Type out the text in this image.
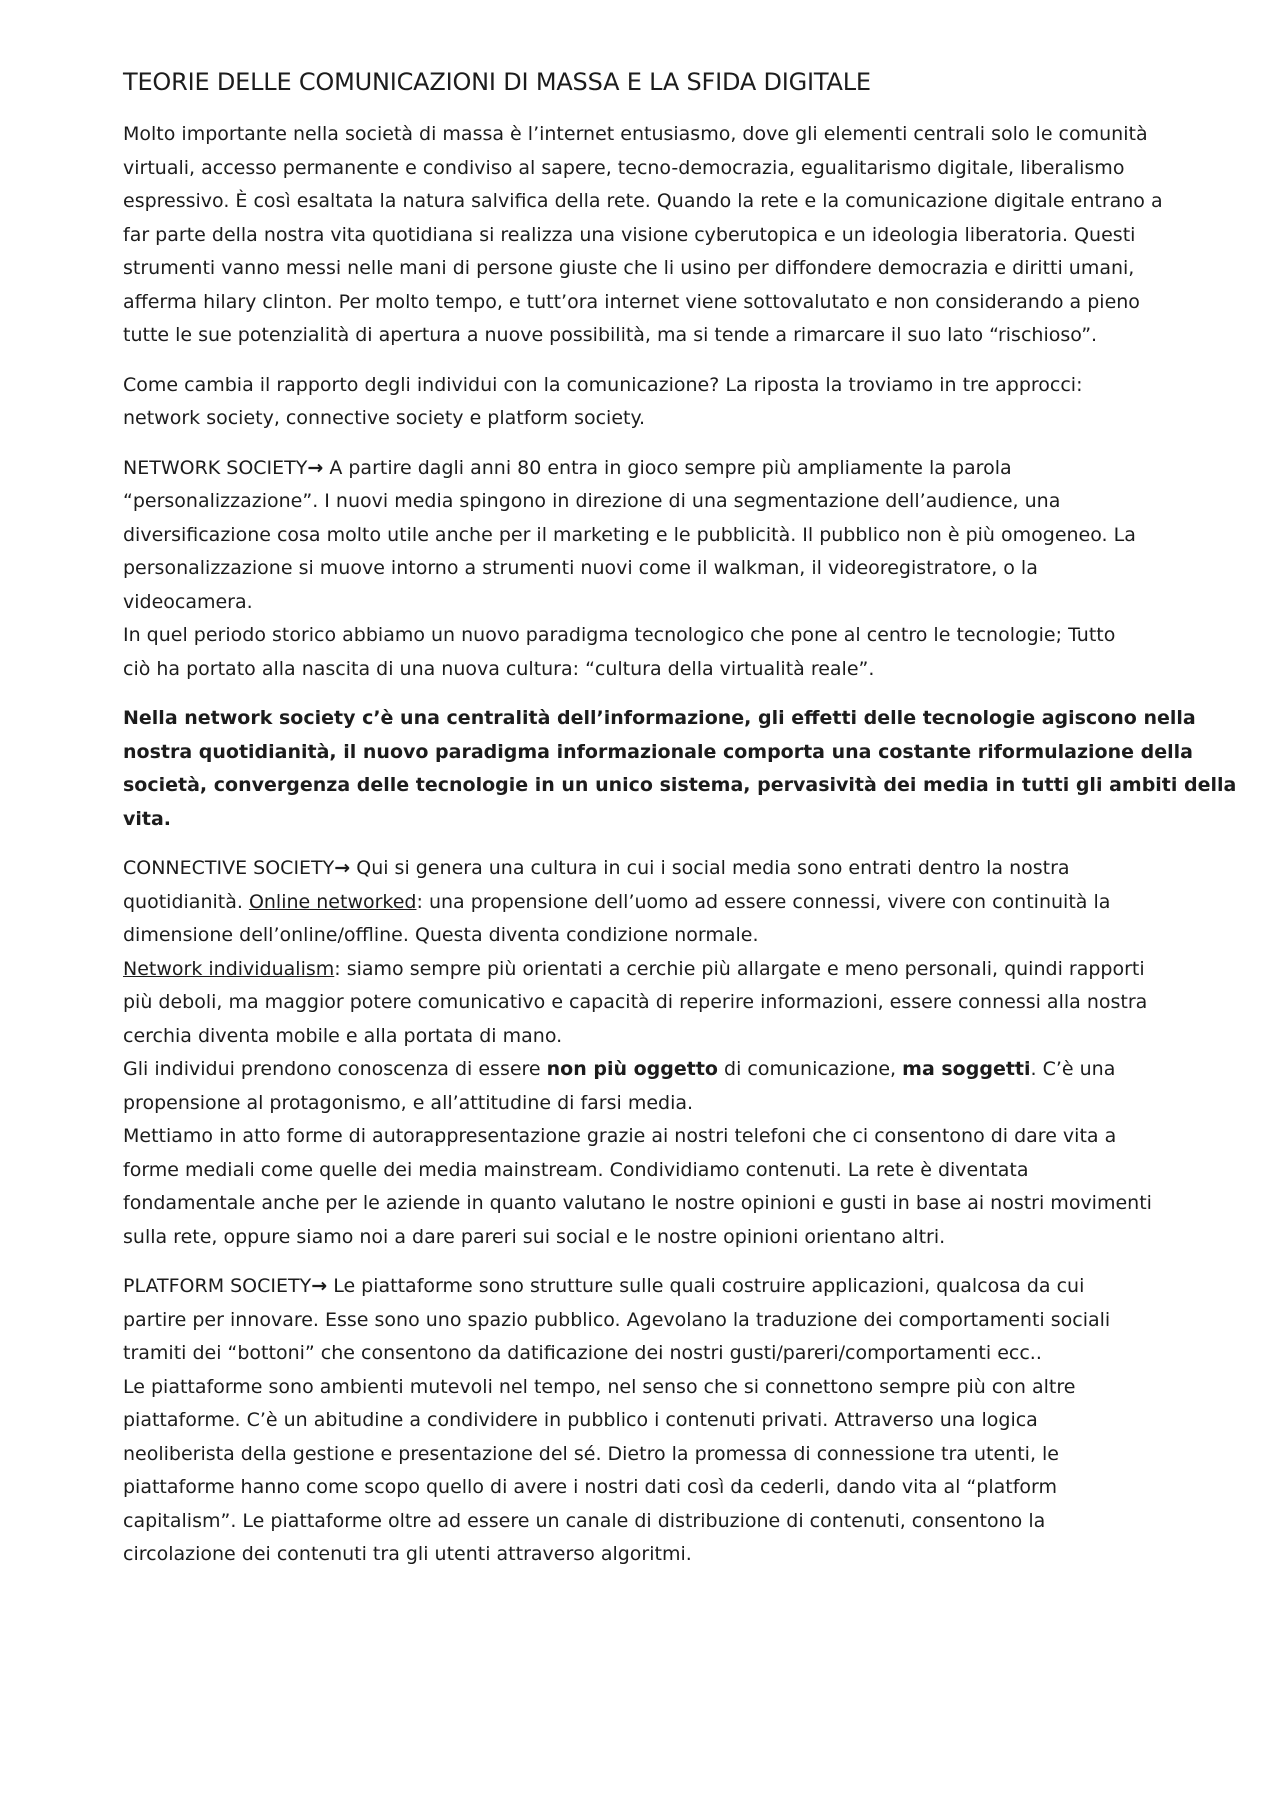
TEORIE DELLE COMUNICAZIONI DI MASSA E LA SFIDA DIGITALE

Molto importante nella società di massa è l’internet entusiasmo, dove gli elementi centrali solo le comunità
virtuali, accesso permanente e condiviso al sapere, tecno-democrazia, egualitarismo digitale, liberalismo
espressivo. È così esaltata la natura salvifica della rete. Quando la rete e la comunicazione digitale entrano a
far parte della nostra vita quotidiana si realizza una visione cyberutopica e un ideologia liberatoria. Questi
strumenti vanno messi nelle mani di persone giuste che li usino per diffondere democrazia e diritti umani,
afferma hilary clinton. Per molto tempo, e tutt’ora internet viene sottovalutato e non considerando a pieno
tutte le sue potenzialità di apertura a nuove possibilità, ma si tende a rimarcare il suo lato “rischioso”.

Come cambia il rapporto degli individui con la comunicazione? La riposta la troviamo in tre approcci:
network society, connective society e platform society.

NETWORK SOCIETY→ A partire dagli anni 80 entra in gioco sempre più ampliamente la parola
“personalizzazione”. I nuovi media spingono in direzione di una segmentazione dell’audience, una
diversificazione cosa molto utile anche per il marketing e le pubblicità. Il pubblico non è più omogeneo. La
personalizzazione si muove intorno a strumenti nuovi come il walkman, il videoregistratore, o la
videocamera.
In quel periodo storico abbiamo un nuovo paradigma tecnologico che pone al centro le tecnologie; Tutto
ciò ha portato alla nascita di una nuova cultura: “cultura della virtualità reale”.

Nella network society c’è una centralità dell’informazione, gli effetti delle tecnologie agiscono nella
nostra quotidianità, il nuovo paradigma informazionale comporta una costante riformulazione della
società, convergenza delle tecnologie in un unico sistema, pervasività dei media in tutti gli ambiti della
vita.

CONNECTIVE SOCIETY→ Qui si genera una cultura in cui i social media sono entrati dentro la nostra
quotidianità. Online networked: una propensione dell’uomo ad essere connessi, vivere con continuità la
dimensione dell’online/offline. Questa diventa condizione normale.
Network individualism: siamo sempre più orientati a cerchie più allargate e meno personali, quindi rapporti
più deboli, ma maggior potere comunicativo e capacità di reperire informazioni, essere connessi alla nostra
cerchia diventa mobile e alla portata di mano.
Gli individui prendono conoscenza di essere non più oggetto di comunicazione, ma soggetti. C’è una
propensione al protagonismo, e all’attitudine di farsi media.
Mettiamo in atto forme di autorappresentazione grazie ai nostri telefoni che ci consentono di dare vita a
forme mediali come quelle dei media mainstream. Condividiamo contenuti. La rete è diventata
fondamentale anche per le aziende in quanto valutano le nostre opinioni e gusti in base ai nostri movimenti
sulla rete, oppure siamo noi a dare pareri sui social e le nostre opinioni orientano altri.

PLATFORM SOCIETY→ Le piattaforme sono strutture sulle quali costruire applicazioni, qualcosa da cui
partire per innovare. Esse sono uno spazio pubblico. Agevolano la traduzione dei comportamenti sociali
tramiti dei “bottoni” che consentono da datificazione dei nostri gusti/pareri/comportamenti ecc..
Le piattaforme sono ambienti mutevoli nel tempo, nel senso che si connettono sempre più con altre
piattaforme. C’è un abitudine a condividere in pubblico i contenuti privati. Attraverso una logica
neoliberista della gestione e presentazione del sé. Dietro la promessa di connessione tra utenti, le
piattaforme hanno come scopo quello di avere i nostri dati così da cederli, dando vita al “platform
capitalism”. Le piattaforme oltre ad essere un canale di distribuzione di contenuti, consentono la
circolazione dei contenuti tra gli utenti attraverso algoritmi.
